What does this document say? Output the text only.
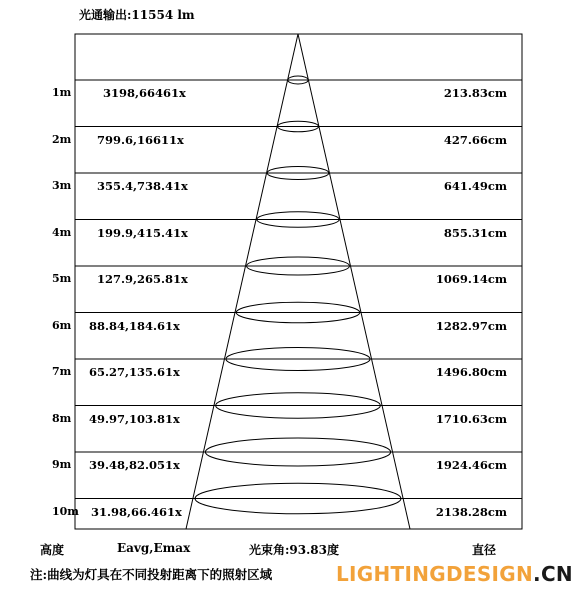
光通输出:11554 lm
1m	3198,66461x	213.83cm
2m 799.6,16611x	427.66cm
3m 355.4,738.41x	641.49cm
4m 199.9,415.41x	855.31cm
5m 127.9,265.81x	1069.14cm
6m 88.84,184.61x	1282.97cm
7m 65.27,135.61x	1496.80cm
8m 49.97,103.81x	1710.63cm
9m 39.48,82.051x	1924.46cm
10m 31.98,66.461x	2138.28cm
高度	Eavg,Emax	光束角:93.83度	直径
注:曲线为灯具在不同投射距离下的照射区域	LIGHTINGDESIGN.CN
